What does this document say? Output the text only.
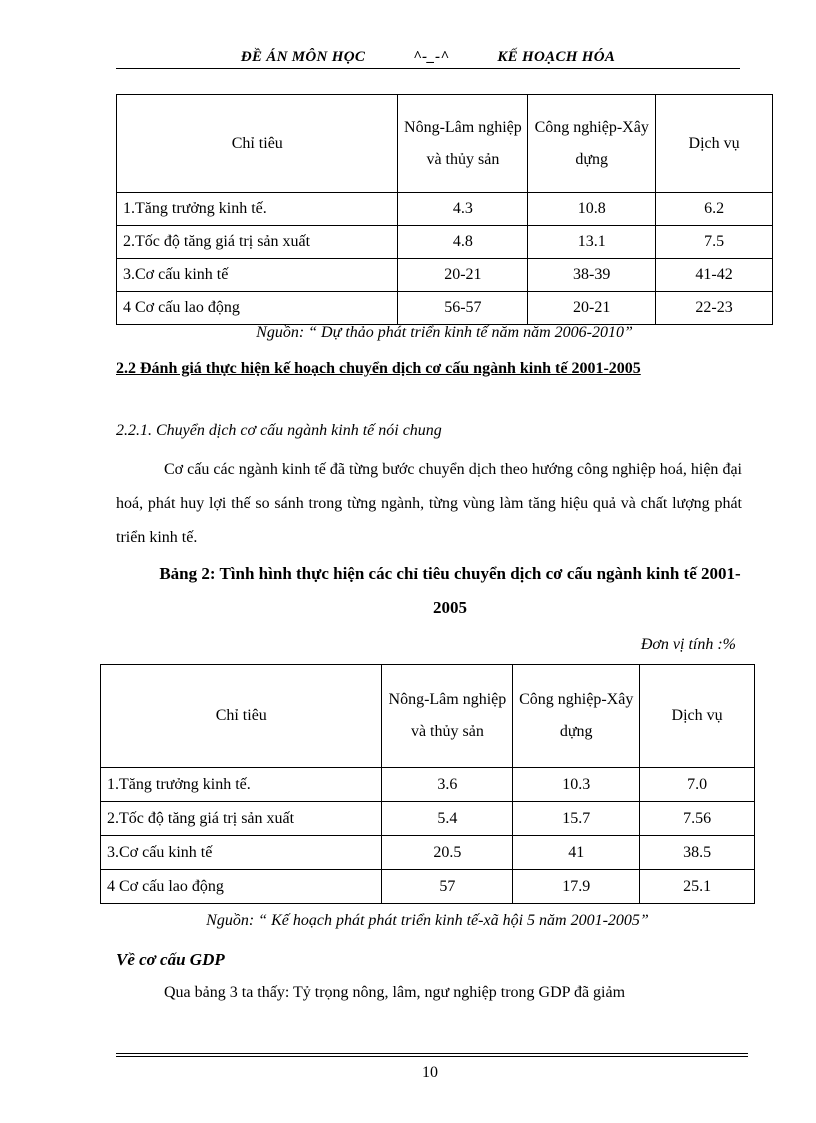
ĐỀ ÁN MÔN HỌC	^-_-^	KẾ HOẠCH HÓA
Chỉ tiêu	Nông-Lâm nghiệp và thủy sản	Công nghiệp-Xây dựng	Dịch vụ
1.Tăng trưởng kinh tế.	4.3	10.8	6.2
2.Tốc độ tăng giá trị sản xuất	4.8	13.1	7.5
3.Cơ cấu kinh tế	20-21	38-39	41-42
4 Cơ cấu lao động	56-57	20-21	22-23
Nguồn: “ Dự thảo phát triển kinh tế năm năm 2006-2010”
2.2 Đánh giá thực hiện kế hoạch chuyển dịch cơ cấu ngành kinh tế 2001-2005
2.2.1. Chuyển dịch cơ cấu ngành kinh tế nói chung
Cơ cấu các ngành kinh tế đã từng bước chuyển dịch theo hướng công nghiệp hoá, hiện đại hoá, phát huy lợi thế so sánh trong từng ngành, từng vùng làm tăng hiệu quả và chất lượng phát triển kinh tế.
Bảng 2: Tình hình thực hiện các chỉ tiêu chuyển dịch cơ cấu ngành kinh tế 2001-2005
Đơn vị tính :%
Chỉ tiêu	Nông-Lâm nghiệp và thủy sản	Công nghiệp-Xây dựng	Dịch vụ
1.Tăng trưởng kinh tế.	3.6	10.3	7.0
2.Tốc độ tăng giá trị sản xuất	5.4	15.7	7.56
3.Cơ cấu kinh tế	20.5	41	38.5
4 Cơ cấu lao động	57	17.9	25.1
Nguồn: “ Kế hoạch phát phát triển kinh tế-xã hội 5 năm 2001-2005”
Về cơ cấu GDP
Qua bảng 3 ta thấy: Tỷ trọng nông, lâm, ngư nghiệp trong GDP đã giảm
10
